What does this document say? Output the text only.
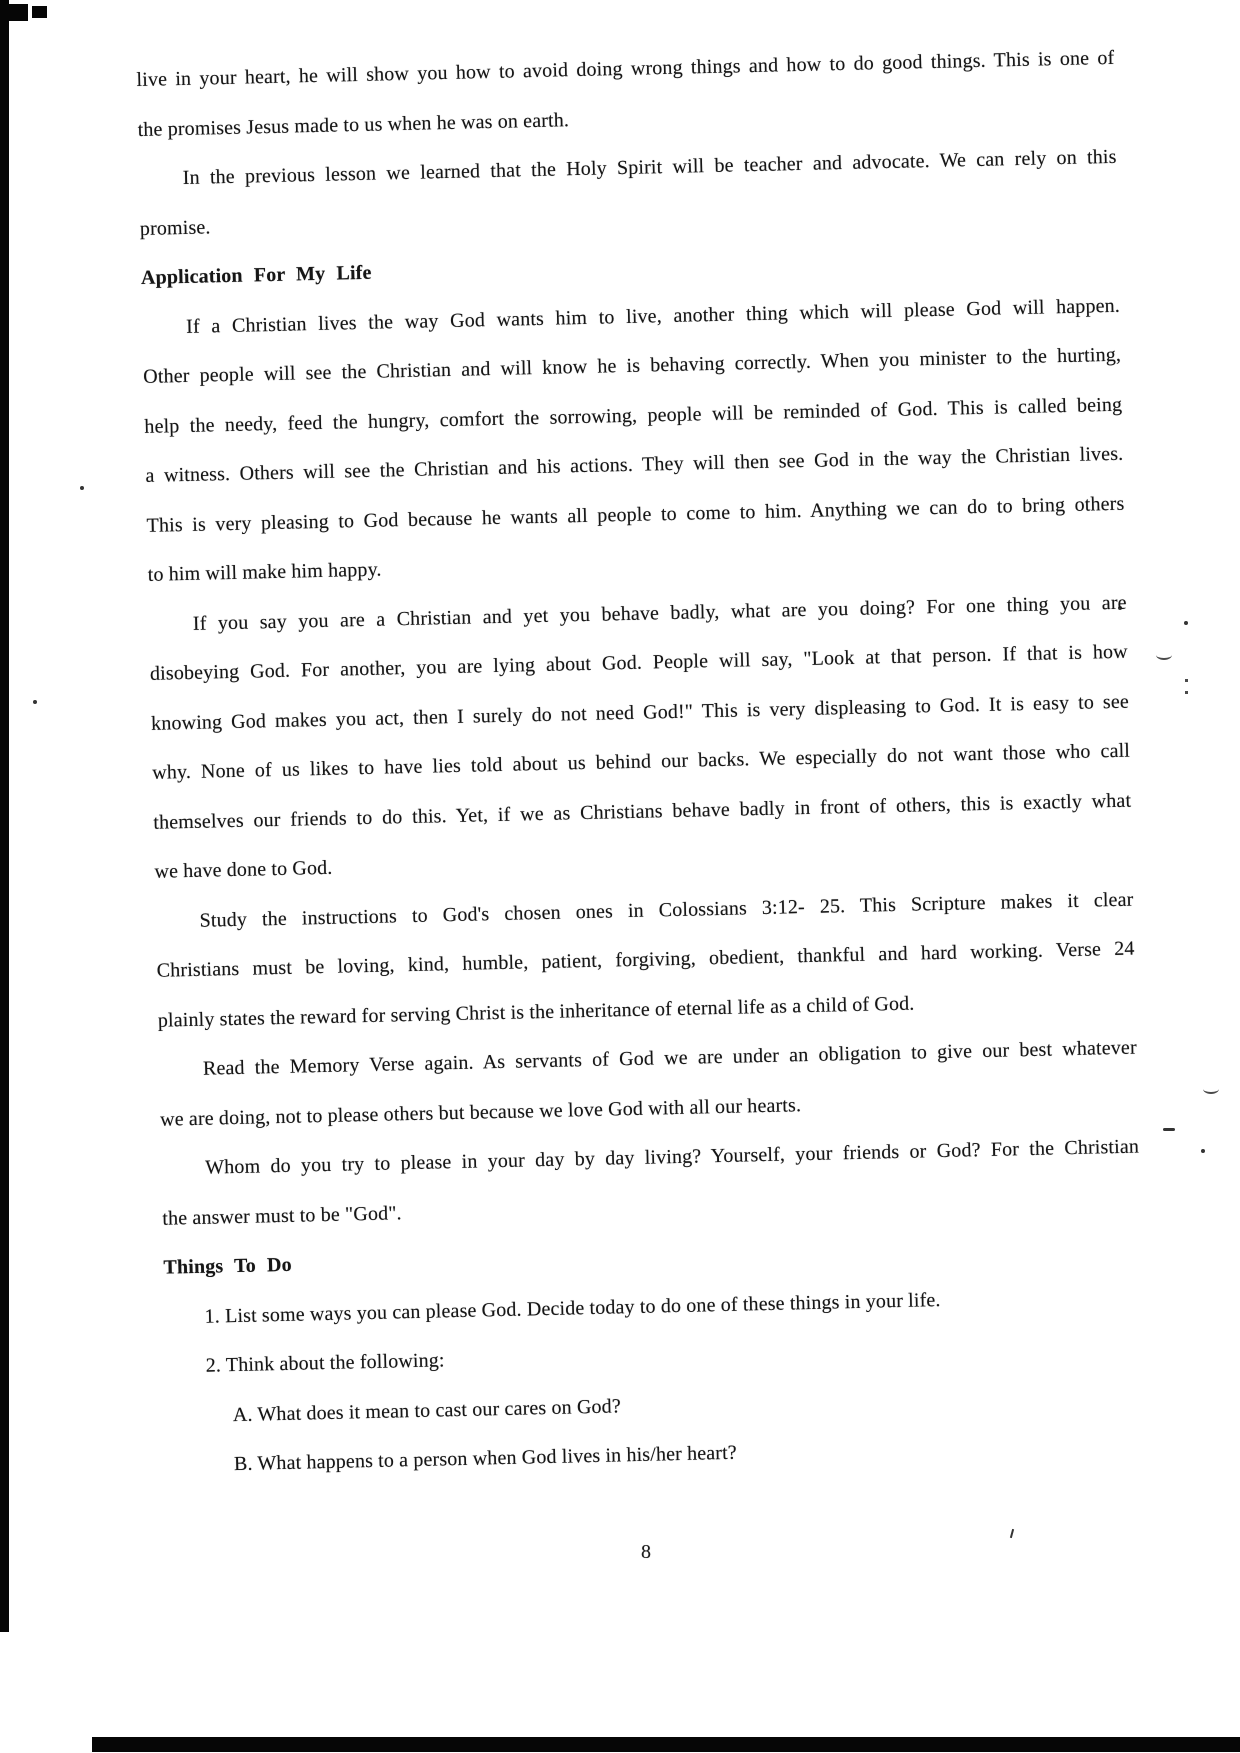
live in your heart, he will show you how to avoid doing wrong things and how to do good things. This is one of
the promises Jesus made to us when he was on earth.
In the previous lesson we learned that the Holy Spirit will be teacher and advocate. We can rely on this
promise.
Application For My Life
If a Christian lives the way God wants him to live, another thing which will please God will happen.
Other people will see the Christian and will know he is behaving correctly. When you minister to the hurting,
help the needy, feed the hungry, comfort the sorrowing, people will be reminded of God. This is called being
a witness. Others will see the Christian and his actions. They will then see God in the way the Christian lives.
This is very pleasing to God because he wants all people to come to him. Anything we can do to bring others
to him will make him happy.
If you say you are a Christian and yet you behave badly, what are you doing? For one thing you are
disobeying God. For another, you are lying about God. People will say, "Look at that person. If that is how
knowing God makes you act, then I surely do not need God!" This is very displeasing to God. It is easy to see
why. None of us likes to have lies told about us behind our backs. We especially do not want those who call
themselves our friends to do this. Yet, if we as Christians behave badly in front of others, this is exactly what
we have done to God.
Study the instructions to God's chosen ones in Colossians 3:12- 25. This Scripture makes it clear
Christians must be loving, kind, humble, patient, forgiving, obedient, thankful and hard working. Verse 24
plainly states the reward for serving Christ is the inheritance of eternal life as a child of God.
Read the Memory Verse again. As servants of God we are under an obligation to give our best whatever
we are doing, not to please others but because we love God with all our hearts.
Whom do you try to please in your day by day living? Yourself, your friends or God? For the Christian
the answer must to be "God".
Things To Do
1. List some ways you can please God. Decide today to do one of these things in your life.
2. Think about the following:
A. What does it mean to cast our cares on God?
B. What happens to a person when God lives in his/her heart?
8
